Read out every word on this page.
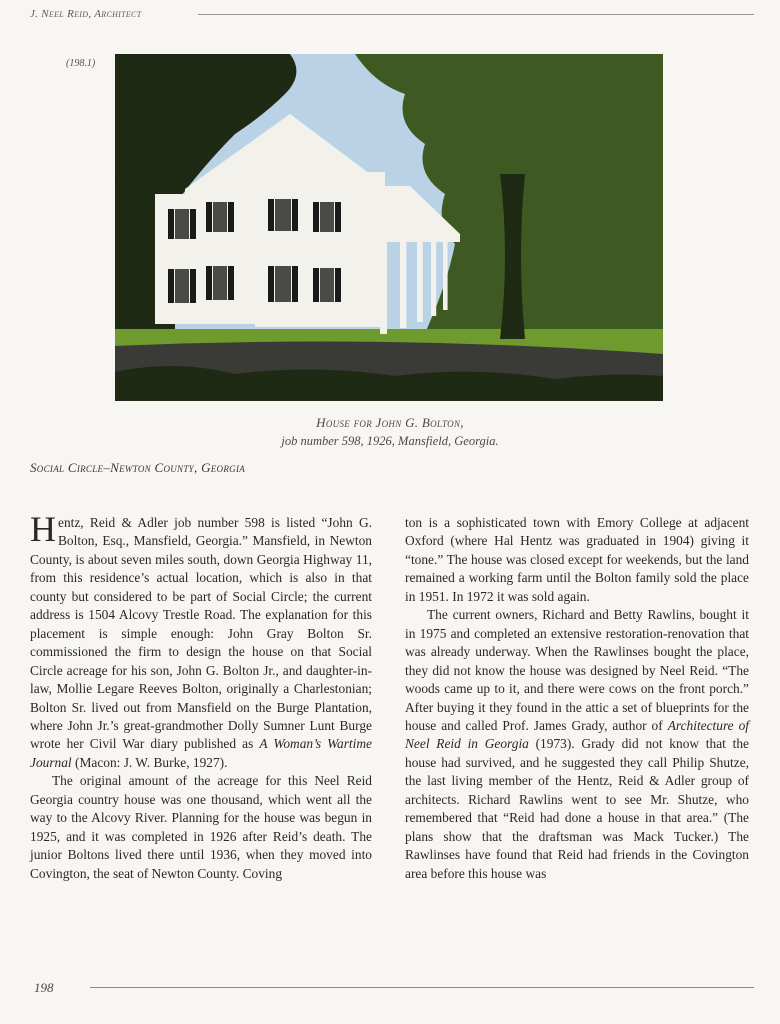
J. Neel Reid, Architect
(198.1)
House for John G. Bolton,
job number 598, 1926, Mansfield, Georgia.
Social Circle–Newton County, Georgia

Hentz, Reid & Adler job number 598 is listed “John G. Bolton, Esq., Mansfield, Georgia.” Mansfield, in Newton County, is about seven miles south, down Georgia Highway 11, from this residence’s actual location, which is also in that county but considered to be part of Social Circle; the current address is 1504 Alcovy Trestle Road. The explanation for this placement is simple enough: John Gray Bolton Sr. commissioned the firm to design the house on that Social Circle acreage for his son, John G. Bolton Jr., and daughter-in-law, Mollie Legare Reeves Bolton, originally a Charlestonian; Bolton Sr. lived out from Mansfield on the Burge Plantation, where John Jr.’s great-grandmother Dolly Sumner Lunt Burge wrote her Civil War diary published as A Woman’s Wartime Journal (Macon: J. W. Burke, 1927).

The original amount of the acreage for this Neel Reid Georgia country house was one thousand, which went all the way to the Alcovy River. Planning for the house was begun in 1925, and it was completed in 1926 after Reid’s death. The junior Boltons lived there until 1936, when they moved into Covington, the seat of Newton County. Coving

ton is a sophisticated town with Emory College at adjacent Oxford (where Hal Hentz was graduated in 1904) giving it “tone.” The house was closed except for weekends, but the land remained a working farm until the Bolton family sold the place in 1951. In 1972 it was sold again.

The current owners, Richard and Betty Rawlins, bought it in 1975 and completed an extensive restoration-renovation that was already underway. When the Rawlinses bought the place, they did not know the house was designed by Neel Reid. “The woods came up to it, and there were cows on the front porch.” After buying it they found in the attic a set of blueprints for the house and called Prof. James Grady, author of Architecture of Neel Reid in Georgia (1973). Grady did not know that the house had survived, and he suggested they call Philip Shutze, the last living member of the Hentz, Reid & Adler group of architects. Richard Rawlins went to see Mr. Shutze, who remembered that “Reid had done a house in that area.” (The plans show that the draftsman was Mack Tucker.) The Rawlinses have found that Reid had friends in the Covington area before this house was

198
